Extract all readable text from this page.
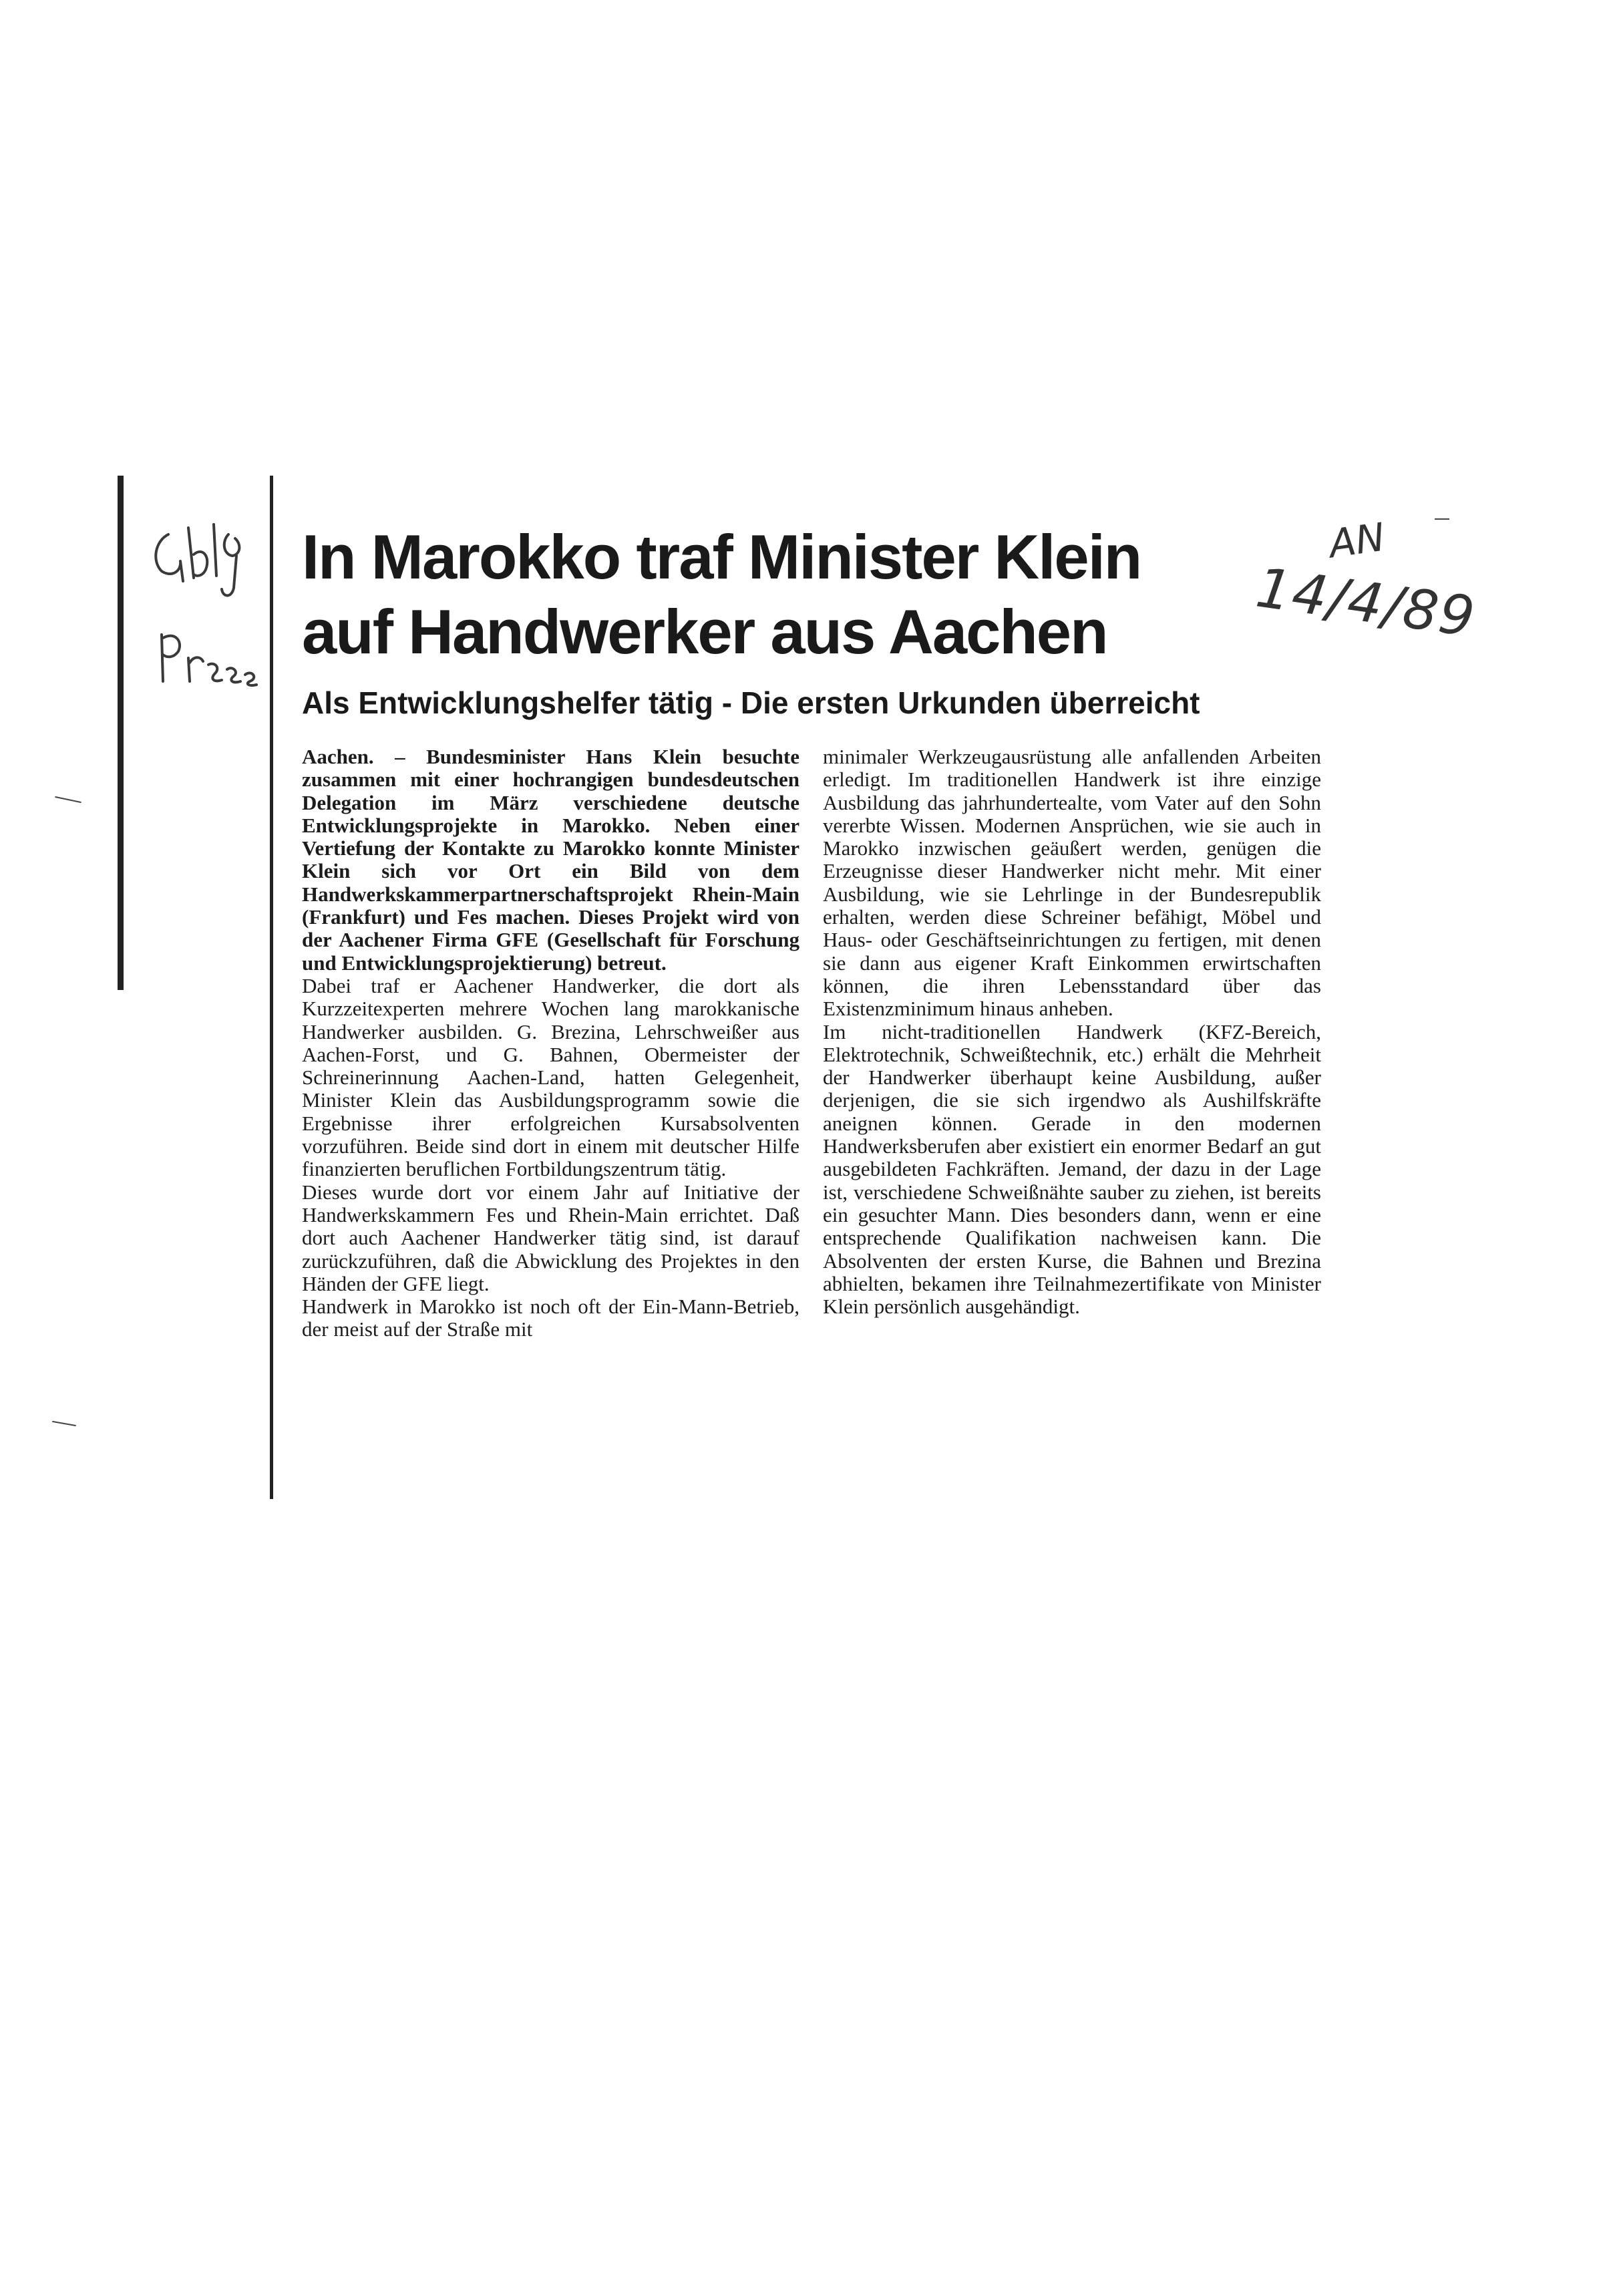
AN
14/4/89
In Marokko traf Minister Klein
auf Handwerker aus Aachen
Als Entwicklungshelfer tätig - Die ersten Urkunden überreicht

Aachen. – Bundesminister Hans Klein besuchte zusammen mit einer hochrangigen bundesdeutschen Delegation im März verschiedene deutsche Entwicklungsprojekte in Marokko. Neben einer Vertiefung der Kontakte zu Marokko konnte Minister Klein sich vor Ort ein Bild von dem Handwerkskammerpartnerschaftsprojekt Rhein-Main (Frankfurt) und Fes machen. Dieses Projekt wird von der Aachener Firma GFE (Gesellschaft für Forschung und Entwicklungsprojektierung) betreut.

Dabei traf er Aachener Handwerker, die dort als Kurzzeitexperten mehrere Wochen lang marokkanische Handwerker ausbilden. G. Brezina, Lehrschweißer aus Aachen-Forst, und G. Bahnen, Obermeister der Schreinerinnung Aachen-Land, hatten Gelegenheit, Minister Klein das Ausbildungsprogramm sowie die Ergebnisse ihrer erfolgreichen Kursabsolventen vorzuführen. Beide sind dort in einem mit deutscher Hilfe finanzierten beruflichen Fortbildungszentrum tätig.

Dieses wurde dort vor einem Jahr auf Initiative der Handwerkskammern Fes und Rhein-Main errichtet. Daß dort auch Aachener Handwerker tätig sind, ist darauf zurückzuführen, daß die Abwicklung des Projektes in den Händen der GFE liegt.

Handwerk in Marokko ist noch oft der Ein-Mann-Betrieb, der meist auf der Straße mit

minimaler Werkzeugausrüstung alle anfallenden Arbeiten erledigt. Im traditionellen Handwerk ist ihre einzige Ausbildung das jahrhundertealte, vom Vater auf den Sohn vererbte Wissen. Modernen Ansprüchen, wie sie auch in Marokko inzwischen geäußert werden, genügen die Erzeugnisse dieser Handwerker nicht mehr. Mit einer Ausbildung, wie sie Lehrlinge in der Bundesrepublik erhalten, werden diese Schreiner befähigt, Möbel und Haus- oder Geschäftseinrichtungen zu fertigen, mit denen sie dann aus eigener Kraft Einkommen erwirtschaften können, die ihren Lebensstandard über das Existenzminimum hinaus anheben.

Im nicht-traditionellen Handwerk (KFZ-Bereich, Elektrotechnik, Schweißtechnik, etc.) erhält die Mehrheit der Handwerker überhaupt keine Ausbildung, außer derjenigen, die sie sich irgendwo als Aushilfskräfte aneignen können. Gerade in den modernen Handwerksberufen aber existiert ein enormer Bedarf an gut ausgebildeten Fachkräften. Jemand, der dazu in der Lage ist, verschiedene Schweißnähte sauber zu ziehen, ist bereits ein gesuchter Mann. Dies besonders dann, wenn er eine entsprechende Qualifikation nachweisen kann. Die Absolventen der ersten Kurse, die Bahnen und Brezina abhielten, bekamen ihre Teilnahmezertifikate von Minister Klein persönlich ausgehändigt.
